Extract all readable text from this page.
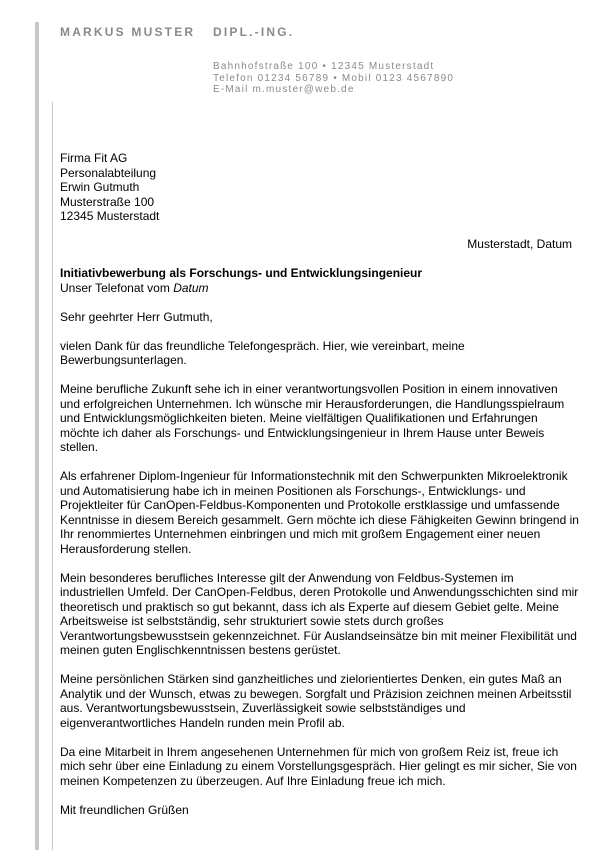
MARKUS MUSTER DIPL.-ING.
Bahnhofstraße 100 • 12345 Musterstadt
Telefon 01234 56789 • Mobil 0123 4567890
E-Mail m.muster@web.de
Firma Fit AG
Personalabteilung
Erwin Gutmuth
Musterstraße 100
12345 Musterstadt
Musterstadt, Datum
Initiativbewerbung als Forschungs- und Entwicklungsingenieur
Unser Telefonat vom Datum
Sehr geehrter Herr Gutmuth,
vielen Dank für das freundliche Telefongespräch. Hier, wie vereinbart, meine Bewerbungsunterlagen.
Meine berufliche Zukunft sehe ich in einer verantwortungsvollen Position in einem innovativen und erfolgreichen Unternehmen. Ich wünsche mir Herausforderungen, die Handlungsspielraum und Entwicklungsmöglichkeiten bieten. Meine vielfältigen Qualifikationen und Erfahrungen möchte ich daher als Forschungs- und Entwicklungsingenieur in Ihrem Hause unter Beweis stellen.
Als erfahrener Diplom-Ingenieur für Informationstechnik mit den Schwerpunkten Mikroelektronik und Automatisierung habe ich in meinen Positionen als Forschungs-, Entwicklungs- und Projektleiter für CanOpen-Feldbus-Komponenten und Protokolle erstklassige und umfassende Kenntnisse in diesem Bereich gesammelt. Gern möchte ich diese Fähigkeiten Gewinn bringend in Ihr renommiertes Unternehmen einbringen und mich mit großem Engagement einer neuen Herausforderung stellen.
Mein besonderes berufliches Interesse gilt der Anwendung von Feldbus-Systemen im industriellen Umfeld. Der CanOpen-Feldbus, deren Protokolle und Anwendungsschichten sind mir theoretisch und praktisch so gut bekannt, dass ich als Experte auf diesem Gebiet gelte. Meine Arbeitsweise ist selbstständig, sehr strukturiert sowie stets durch großes Verantwortungsbewusstsein gekennzeichnet. Für Auslandseinsätze bin mit meiner Flexibilität und meinen guten Englischkenntnissen bestens gerüstet.
Meine persönlichen Stärken sind ganzheitliches und zielorientiertes Denken, ein gutes Maß an Analytik und der Wunsch, etwas zu bewegen. Sorgfalt und Präzision zeichnen meinen Arbeitsstil aus. Verantwortungsbewusstsein, Zuverlässigkeit sowie selbstständiges und eigenverantwortliches Handeln runden mein Profil ab.
Da eine Mitarbeit in Ihrem angesehenen Unternehmen für mich von großem Reiz ist, freue ich mich sehr über eine Einladung zu einem Vorstellungsgespräch. Hier gelingt es mir sicher, Sie von meinen Kompetenzen zu überzeugen. Auf Ihre Einladung freue ich mich.
Mit freundlichen Grüßen
